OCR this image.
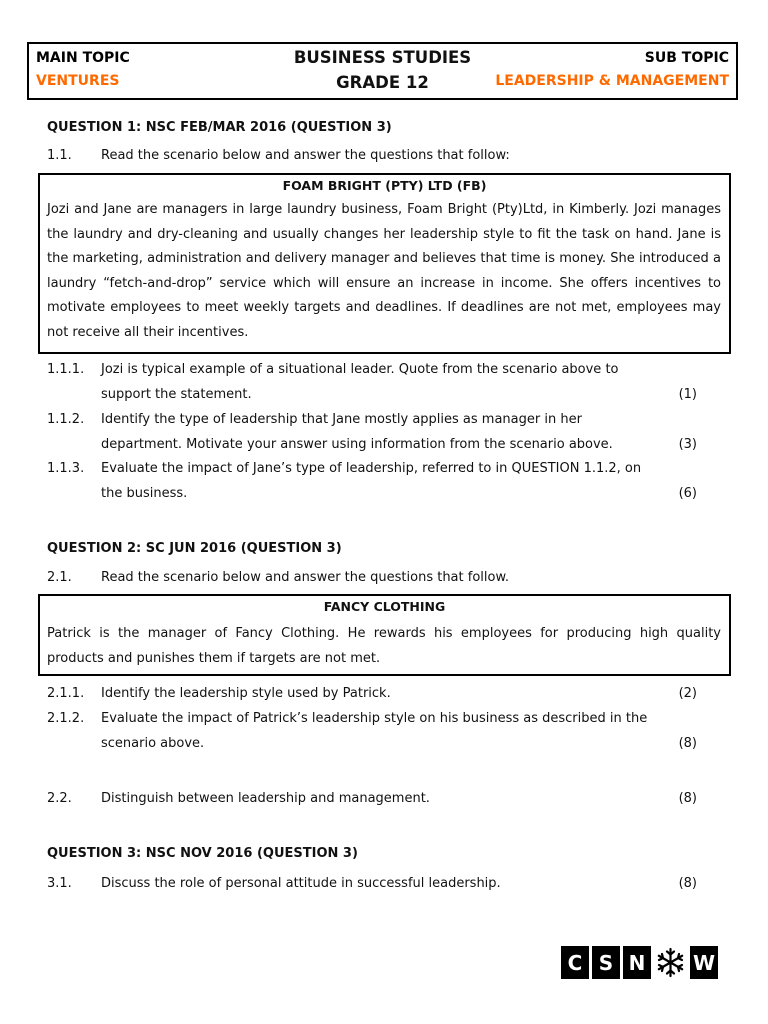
MAIN TOPIC
VENTURES
BUSINESS STUDIES
GRADE 12
SUB TOPIC
LEADERSHIP & MANAGEMENT
QUESTION 1: NSC FEB/MAR 2016 (QUESTION 3)
1.1. Read the scenario below and answer the questions that follow:
FOAM BRIGHT (PTY) LTD (FB)
Jozi and Jane are managers in large laundry business, Foam Bright (Pty)Ltd, in Kimberly. Jozi manages the laundry and dry-cleaning and usually changes her leadership style to fit the task on hand. Jane is the marketing, administration and delivery manager and believes that time is money. She introduced a laundry “fetch-and-drop” service which will ensure an increase in income. She offers incentives to motivate employees to meet weekly targets and deadlines. If deadlines are not met, employees may not receive all their incentives.
1.1.1. Jozi is typical example of a situational leader. Quote from the scenario above to
support the statement.	(1)
1.1.2. Identify the type of leadership that Jane mostly applies as manager in her
department. Motivate your answer using information from the scenario above.	(3)
1.1.3. Evaluate the impact of Jane’s type of leadership, referred to in QUESTION 1.1.2, on
the business.	(6)
QUESTION 2: SC JUN 2016 (QUESTION 3)
2.1. Read the scenario below and answer the questions that follow.
FANCY CLOTHING
Patrick is the manager of Fancy Clothing. He rewards his employees for producing high quality products and punishes them if targets are not met.
2.1.1. Identify the leadership style used by Patrick.	(2)
2.1.2. Evaluate the impact of Patrick’s leadership style on his business as described in the
scenario above.	(8)
2.2. Distinguish between leadership and management.	(8)
QUESTION 3: NSC NOV 2016 (QUESTION 3)
3.1. Discuss the role of personal attitude in successful leadership.	(8)
C S N W
